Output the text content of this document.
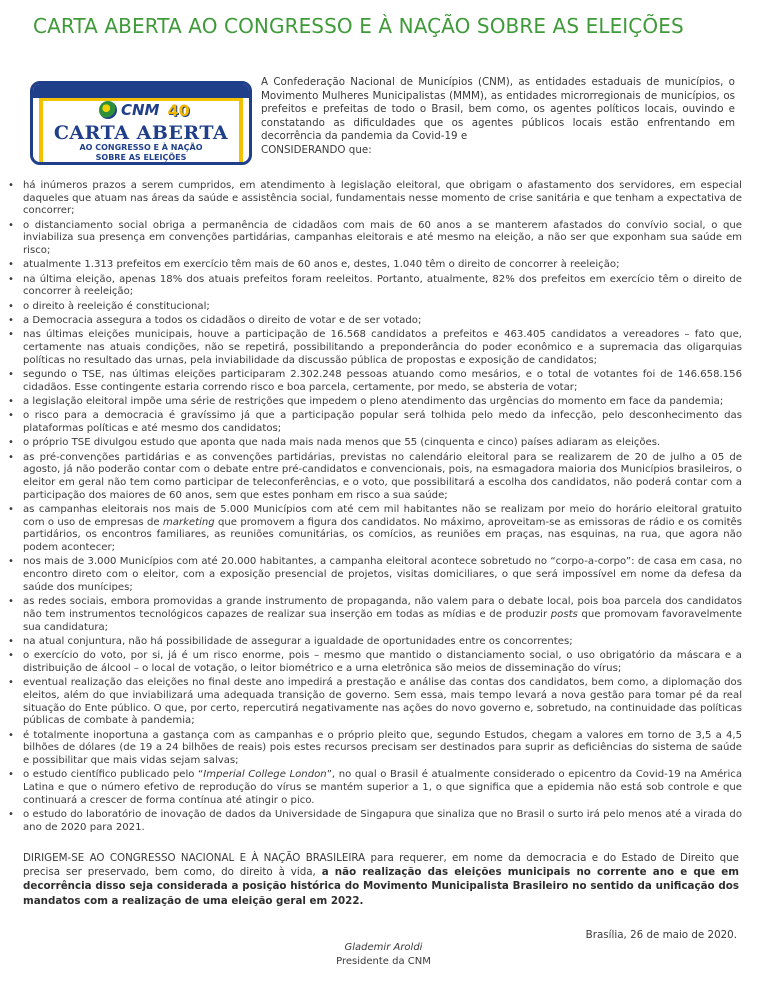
CARTA ABERTA AO CONGRESSO E À NAÇÃO SOBRE AS ELEIÇÕES
CNM 40
CARTA ABERTA
AO CONGRESSO E À NAÇÃO
SOBRE AS ELEIÇÕES
A Confederação Nacional de Municípios (CNM), as entidades estaduais de municípios, o Movimento Mulheres Municipalistas (MMM), as entidades microrregionais de municípios, os prefeitos e prefeitas de todo o Brasil, bem como, os agentes políticos locais, ouvindo e constatando as dificuldades que os agentes públicos locais estão enfrentando em decorrência da pandemia da Covid-19 e
CONSIDERANDO que:
• há inúmeros prazos a serem cumpridos, em atendimento à legislação eleitoral, que obrigam o afastamento dos servidores, em especial daqueles que atuam nas áreas da saúde e assistência social, fundamentais nesse momento de crise sanitária e que tenham a expectativa de concorrer;
• o distanciamento social obriga a permanência de cidadãos com mais de 60 anos a se manterem afastados do convívio social, o que inviabiliza sua presença em convenções partidárias, campanhas eleitorais e até mesmo na eleição, a não ser que exponham sua saúde em risco;
• atualmente 1.313 prefeitos em exercício têm mais de 60 anos e, destes, 1.040 têm o direito de concorrer à reeleição;
• na última eleição, apenas 18% dos atuais prefeitos foram reeleitos. Portanto, atualmente, 82% dos prefeitos em exercício têm o direito de concorrer à reeleição;
• o direito à reeleição é constitucional;
• a Democracia assegura a todos os cidadãos o direito de votar e de ser votado;
• nas últimas eleições municipais, houve a participação de 16.568 candidatos a prefeitos e 463.405 candidatos a vereadores – fato que, certamente nas atuais condições, não se repetirá, possibilitando a preponderância do poder econômico e a supremacia das oligarquias políticas no resultado das urnas, pela inviabilidade da discussão pública de propostas e exposição de candidatos;
• segundo o TSE, nas últimas eleições participaram 2.302.248 pessoas atuando como mesários, e o total de votantes foi de 146.658.156 cidadãos. Esse contingente estaria correndo risco e boa parcela, certamente, por medo, se absteria de votar;
• a legislação eleitoral impõe uma série de restrições que impedem o pleno atendimento das urgências do momento em face da pandemia;
• o risco para a democracia é gravíssimo já que a participação popular será tolhida pelo medo da infecção, pelo desconhecimento das plataformas políticas e até mesmo dos candidatos;
• o próprio TSE divulgou estudo que aponta que nada mais nada menos que 55 (cinquenta e cinco) países adiaram as eleições.
• as pré-convenções partidárias e as convenções partidárias, previstas no calendário eleitoral para se realizarem de 20 de julho a 05 de agosto, já não poderão contar com o debate entre pré-candidatos e convencionais, pois, na esmagadora maioria dos Municípios brasileiros, o eleitor em geral não tem como participar de teleconferências, e o voto, que possibilitará a escolha dos candidatos, não poderá contar com a participação dos maiores de 60 anos, sem que estes ponham em risco a sua saúde;
• as campanhas eleitorais nos mais de 5.000 Municípios com até cem mil habitantes não se realizam por meio do horário eleitoral gratuito com o uso de empresas de marketing que promovem a figura dos candidatos. No máximo, aproveitam-se as emissoras de rádio e os comitês partidários, os encontros familiares, as reuniões comunitárias, os comícios, as reuniões em praças, nas esquinas, na rua, que agora não podem acontecer;
• nos mais de 3.000 Municípios com até 20.000 habitantes, a campanha eleitoral acontece sobretudo no “corpo-a-corpo”: de casa em casa, no encontro direto com o eleitor, com a exposição presencial de projetos, visitas domiciliares, o que será impossível em nome da defesa da saúde dos munícipes;
• as redes sociais, embora promovidas a grande instrumento de propaganda, não valem para o debate local, pois boa parcela dos candidatos não tem instrumentos tecnológicos capazes de realizar sua inserção em todas as mídias e de produzir posts que promovam favoravelmente sua candidatura;
• na atual conjuntura, não há possibilidade de assegurar a igualdade de oportunidades entre os concorrentes;
• o exercício do voto, por si, já é um risco enorme, pois – mesmo que mantido o distanciamento social, o uso obrigatório da máscara e a distribuição de álcool – o local de votação, o leitor biométrico e a urna eletrônica são meios de disseminação do vírus;
• eventual realização das eleições no final deste ano impedirá a prestação e análise das contas dos candidatos, bem como, a diplomação dos eleitos, além do que inviabilizará uma adequada transição de governo. Sem essa, mais tempo levará a nova gestão para tomar pé da real situação do Ente público. O que, por certo, repercutirá negativamente nas ações do novo governo e, sobretudo, na continuidade das políticas públicas de combate à pandemia;
• é totalmente inoportuna a gastança com as campanhas e o próprio pleito que, segundo Estudos, chegam a valores em torno de 3,5 a 4,5 bilhões de dólares (de 19 a 24 bilhões de reais) pois estes recursos precisam ser destinados para suprir as deficiências do sistema de saúde e possibilitar que mais vidas sejam salvas;
• o estudo científico publicado pelo “Imperial College London”, no qual o Brasil é atualmente considerado o epicentro da Covid-19 na América Latina e que o número efetivo de reprodução do vírus se mantém superior a 1, o que significa que a epidemia não está sob controle e que continuará a crescer de forma contínua até atingir o pico.
• o estudo do laboratório de inovação de dados da Universidade de Singapura que sinaliza que no Brasil o surto irá pelo menos até a virada do ano de 2020 para 2021.

DIRIGEM-SE AO CONGRESSO NACIONAL E À NAÇÃO BRASILEIRA para requerer, em nome da democracia e do Estado de Direito que precisa ser preservado, bem como, do direito à vida, a não realização das eleições municipais no corrente ano e que em decorrência disso seja considerada a posição histórica do Movimento Municipalista Brasileiro no sentido da unificação dos mandatos com a realização de uma eleição geral em 2022.

Brasília, 26 de maio de 2020.
Glademir Aroldi
Presidente da CNM
